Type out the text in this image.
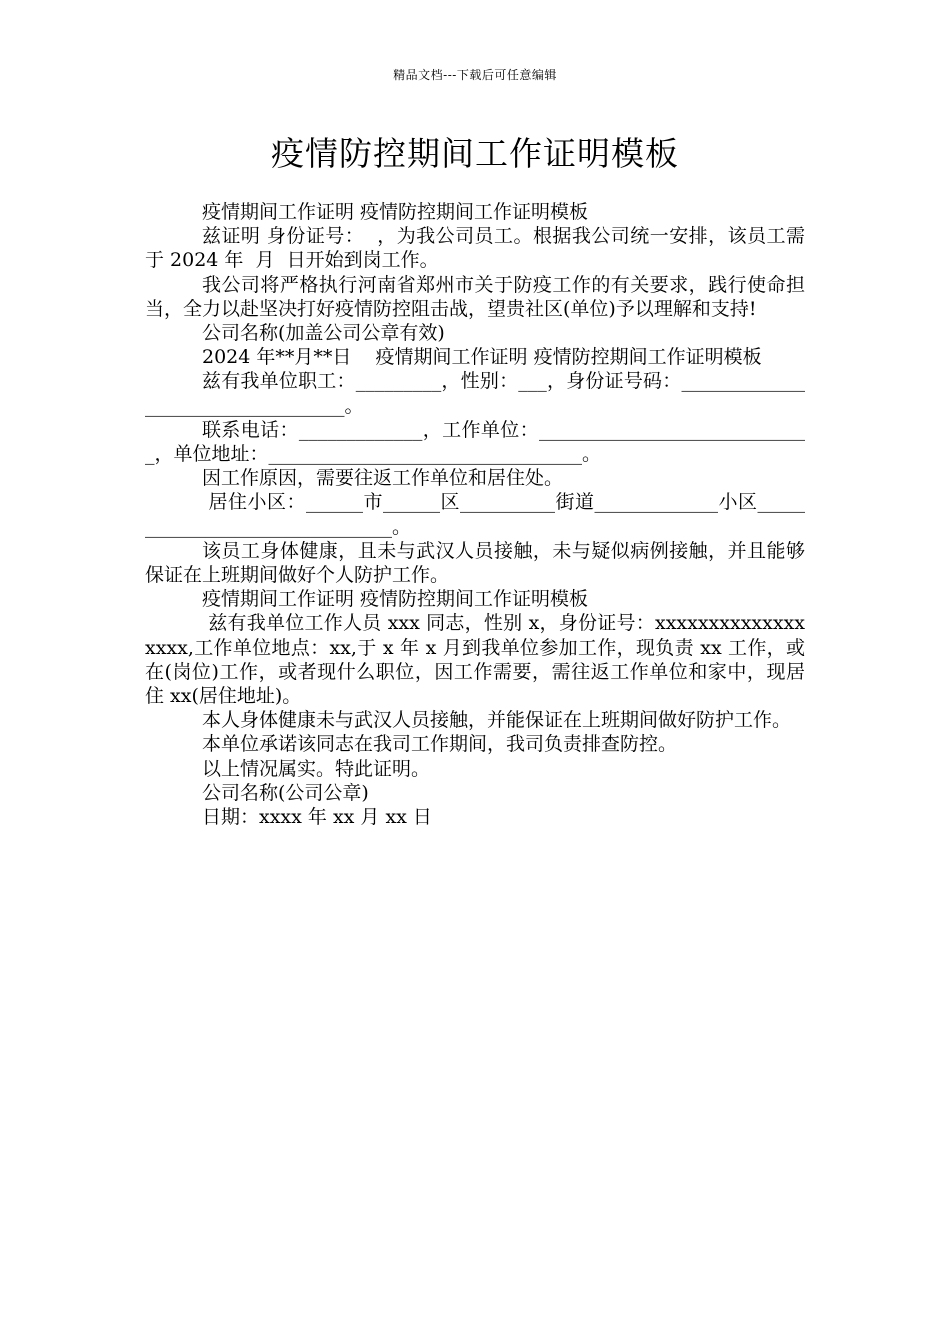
精品文档---下载后可任意编辑
疫情防控期间工作证明模板

疫情期间工作证明 疫情防控期间工作证明模板

兹证明 身份证号：  ，为我公司员工。根据我公司统一安排，该员工需于 2024 年  月  日开始到岗工作。

我公司将严格执行河南省郑州市关于防疫工作的有关要求，践行使命担当，全力以赴坚决打好疫情防控阻击战，望贵社区(单位)予以理解和支持!

公司名称(加盖公司公章有效)

2024 年**月**日    疫情期间工作证明 疫情防控期间工作证明模板

兹有我单位职工：_________，性别：___，身份证号码：__________________________________。

联系电话：_____________，工作单位：_____________________________，单位地址：_________________________________。

因工作原因，需要往返工作单位和居住处。

居住小区：______市______区__________街道_____________小区_______________________________。

该员工身体健康，且未与武汉人员接触，未与疑似病例接触，并且能够保证在上班期间做好个人防护工作。

疫情期间工作证明 疫情防控期间工作证明模板

兹有我单位工作人员 xxx 同志，性别 x，身份证号：xxxxxxxxxxxxxxxxxx,工作单位地点：xx,于 x 年 x 月到我单位参加工作，现负责 xx 工作，或在(岗位)工作，或者现什么职位，因工作需要，需往返工作单位和家中，现居住 xx(居住地址)。

本人身体健康未与武汉人员接触，并能保证在上班期间做好防护工作。

本单位承诺该同志在我司工作期间，我司负责排查防控。

以上情况属实。特此证明。

公司名称(公司公章)

日期：xxxx 年 xx 月 xx 日
